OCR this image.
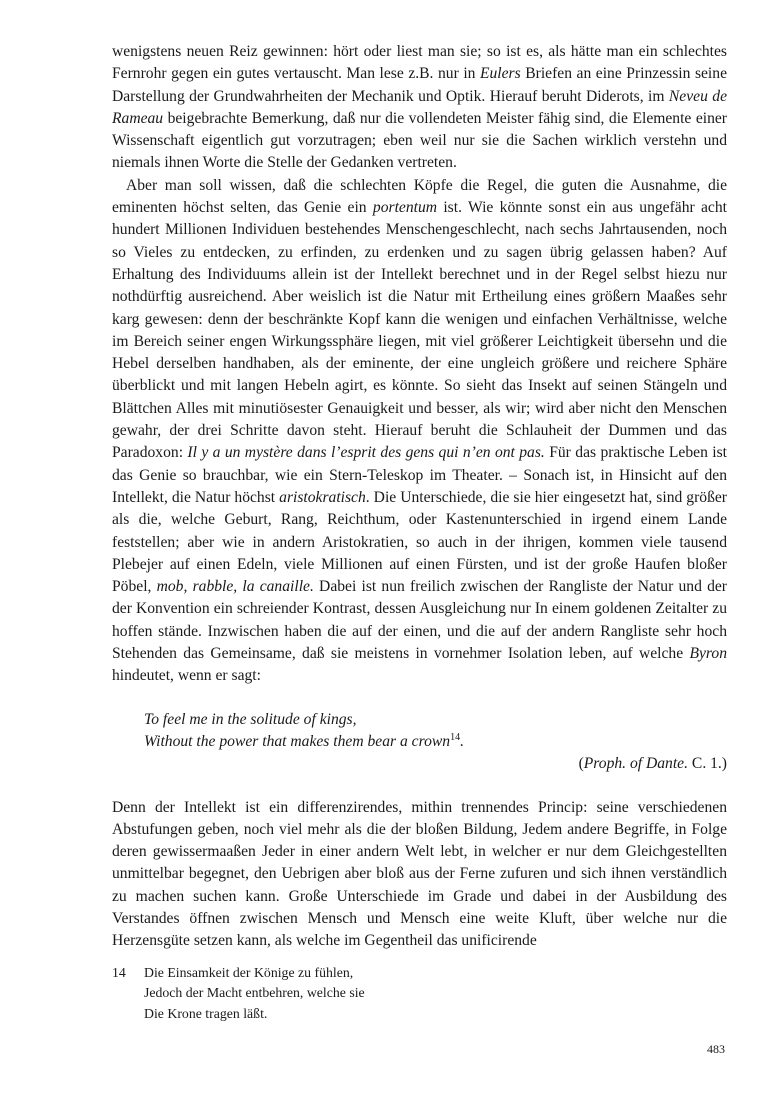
wenigstens neuen Reiz gewinnen: hört oder liest man sie; so ist es, als hätte man ein schlechtes Fernrohr gegen ein gutes vertauscht. Man lese z.B. nur in Eulers Briefen an eine Prinzessin seine Darstellung der Grundwahrheiten der Mechanik und Optik. Hierauf beruht Diderots, im Neveu de Rameau beigebrachte Bemerkung, daß nur die vollendeten Meister fähig sind, die Elemente einer Wissenschaft eigentlich gut vorzutragen; eben weil nur sie die Sachen wirklich verstehn und niemals ihnen Worte die Stelle der Gedanken vertreten.

Aber man soll wissen, daß die schlechten Köpfe die Regel, die guten die Ausnahme, die eminenten höchst selten, das Genie ein portentum ist. Wie könnte sonst ein aus ungefähr acht hundert Millionen Individuen bestehendes Menschengeschlecht, nach sechs Jahrtausenden, noch so Vieles zu entdecken, zu erfinden, zu erdenken und zu sagen übrig gelassen haben? Auf Erhaltung des Individuums allein ist der Intellekt berechnet und in der Regel selbst hiezu nur nothdürftig ausreichend. Aber weislich ist die Natur mit Ertheilung eines größern Maaßes sehr karg gewesen: denn der beschränkte Kopf kann die wenigen und einfachen Verhältnisse, welche im Bereich seiner engen Wirkungssphäre liegen, mit viel größerer Leichtigkeit übersehn und die Hebel derselben handhaben, als der eminente, der eine ungleich größere und reichere Sphäre überblickt und mit langen Hebeln agirt, es könnte. So sieht das Insekt auf seinen Stängeln und Blättchen Alles mit minutiösester Genauigkeit und besser, als wir; wird aber nicht den Menschen gewahr, der drei Schritte davon steht. Hierauf beruht die Schlauheit der Dummen und das Paradoxon: Il y a un mystère dans l’esprit des gens qui n’en ont pas. Für das praktische Leben ist das Genie so brauchbar, wie ein Stern-Teleskop im Theater. – Sonach ist, in Hinsicht auf den Intellekt, die Natur höchst aristokratisch. Die Unterschiede, die sie hier eingesetzt hat, sind größer als die, welche Geburt, Rang, Reichthum, oder Kastenunterschied in irgend einem Lande feststellen; aber wie in andern Aristokratien, so auch in der ihrigen, kommen viele tausend Plebejer auf einen Edeln, viele Millionen auf einen Fürsten, und ist der große Haufen bloßer Pöbel, mob, rabble, la canaille. Dabei ist nun freilich zwischen der Rangliste der Natur und der der Konvention ein schreiender Kontrast, dessen Ausgleichung nur In einem goldenen Zeitalter zu hoffen stände. Inzwischen haben die auf der einen, und die auf der andern Rangliste sehr hoch Stehenden das Gemeinsame, daß sie meistens in vornehmer Isolation leben, auf welche Byron hindeutet, wenn er sagt:

To feel me in the solitude of kings,
Without the power that makes them bear a crown$^{14}$.

(Proph. of Dante. C. 1.)

Denn der Intellekt ist ein differenzirendes, mithin trennendes Princip: seine verschiedenen Abstufungen geben, noch viel mehr als die der bloßen Bildung, Jedem andere Begriffe, in Folge deren gewissermaaßen Jeder in einer andern Welt lebt, in welcher er nur dem Gleichgestellten unmittelbar begegnet, den Uebrigen aber bloß aus der Ferne zufuren und sich ihnen verständlich zu machen suchen kann. Große Unterschiede im Grade und dabei in der Ausbildung des Verstandes öffnen zwischen Mensch und Mensch eine weite Kluft, über welche nur die Herzensgüte setzen kann, als welche im Gegentheil das unificirende

14	Die Einsamkeit der Könige zu fühlen,
Jedoch der Macht entbehren, welche sie
Die Krone tragen läßt.
483
